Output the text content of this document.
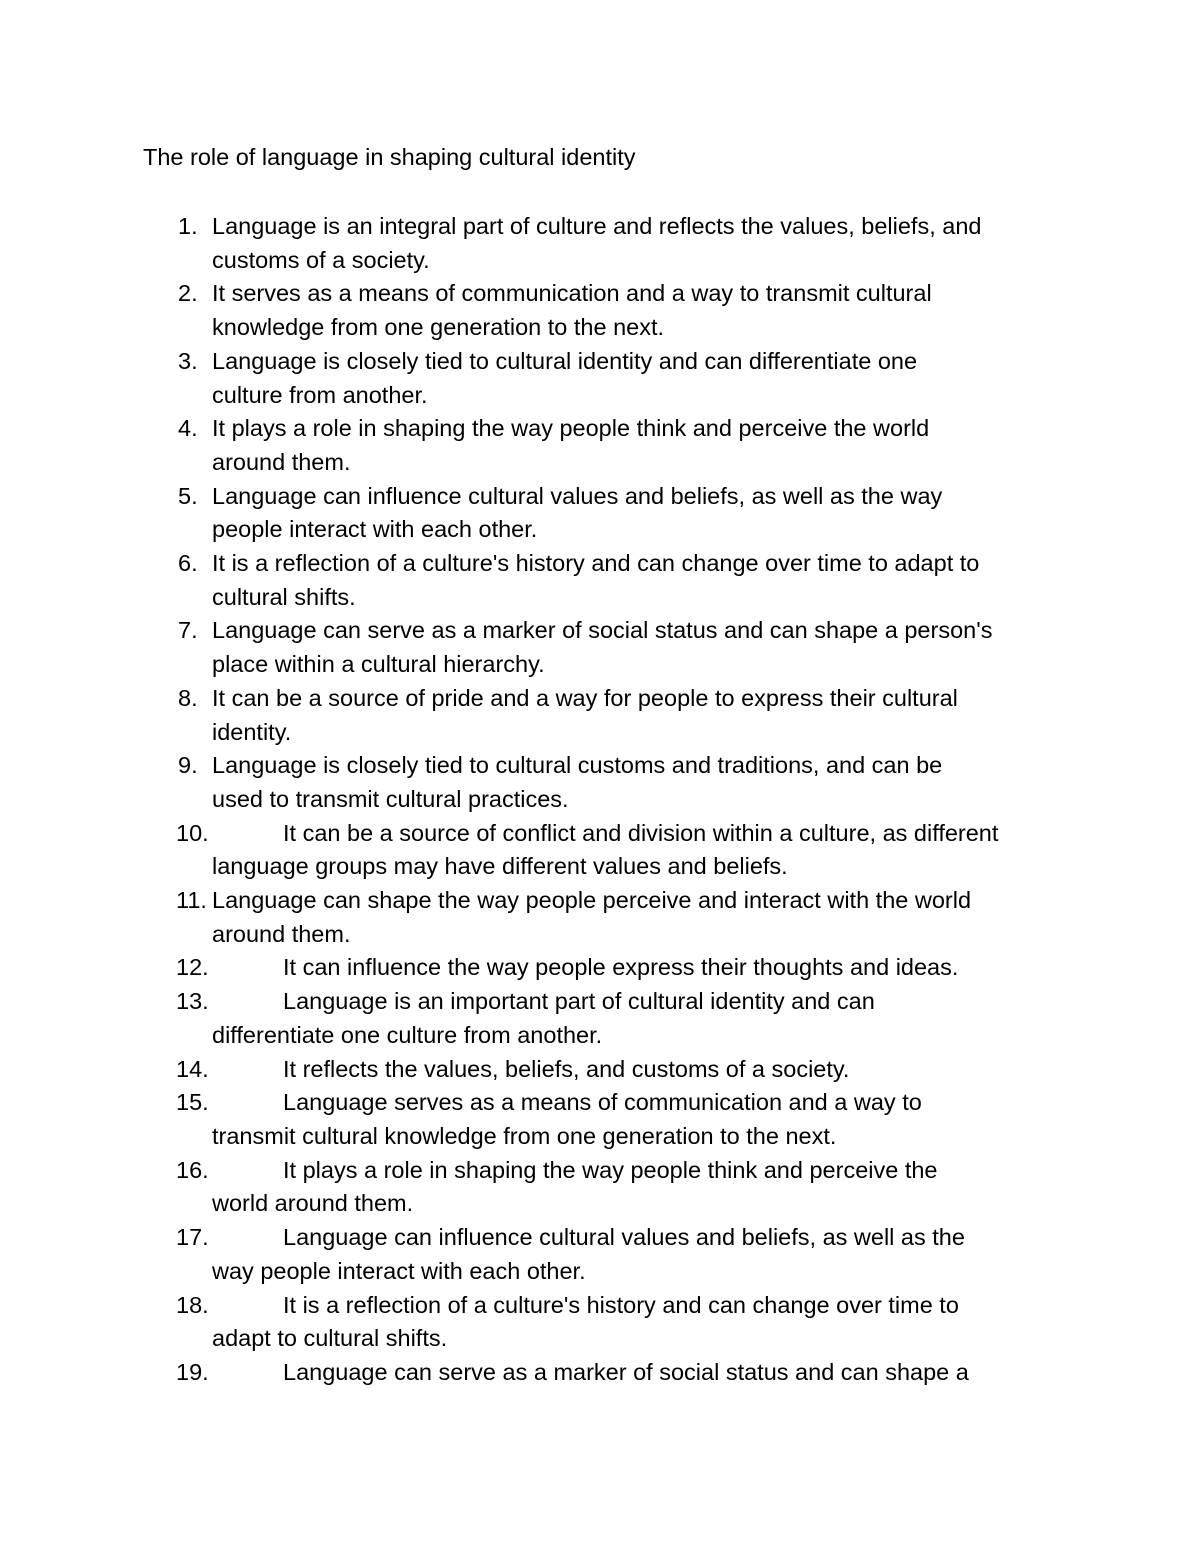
The role of language in shaping cultural identity
1. Language is an integral part of culture and reflects the values, beliefs, and
customs of a society.
2. It serves as a means of communication and a way to transmit cultural
knowledge from one generation to the next.
3. Language is closely tied to cultural identity and can differentiate one
culture from another.
4. It plays a role in shaping the way people think and perceive the world
around them.
5. Language can influence cultural values and beliefs, as well as the way
people interact with each other.
6. It is a reflection of a culture's history and can change over time to adapt to
cultural shifts.
7. Language can serve as a marker of social status and can shape a person's
place within a cultural hierarchy.
8. It can be a source of pride and a way for people to express their cultural
identity.
9. Language is closely tied to cultural customs and traditions, and can be
used to transmit cultural practices.
10.	It can be a source of conflict and division within a culture, as different
language groups may have different values and beliefs.
11. Language can shape the way people perceive and interact with the world
around them.
12.	It can influence the way people express their thoughts and ideas.
13.	Language is an important part of cultural identity and can
differentiate one culture from another.
14.	It reflects the values, beliefs, and customs of a society.
15.	Language serves as a means of communication and a way to
transmit cultural knowledge from one generation to the next.
16.	It plays a role in shaping the way people think and perceive the
world around them.
17.	Language can influence cultural values and beliefs, as well as the
way people interact with each other.
18.	It is a reflection of a culture's history and can change over time to
adapt to cultural shifts.
19.	Language can serve as a marker of social status and can shape a
